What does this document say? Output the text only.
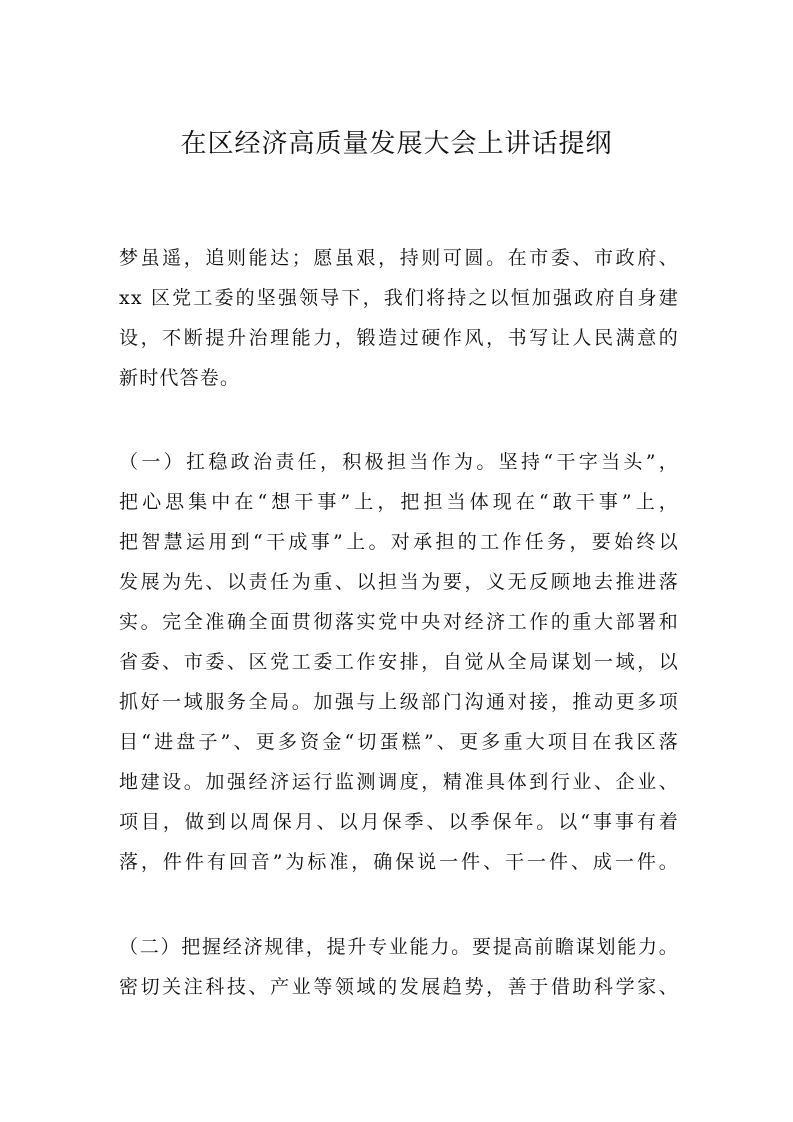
在区经济高质量发展大会上讲话提纲

梦虽遥，追则能达；愿虽艰，持则可圆。在市委、市政府、

xx 区党工委的坚强领导下，我们将持之以恒加强政府自身建

设，不断提升治理能力，锻造过硬作风，书写让人民满意的

新时代答卷。

（一）扛稳政治责任，积极担当作为。坚持“干字当头”，

把心思集中在“想干事”上，把担当体现在“敢干事”上，

把智慧运用到“干成事”上。对承担的工作任务，要始终以

发展为先、以责任为重、以担当为要，义无反顾地去推进落

实。完全准确全面贯彻落实党中央对经济工作的重大部署和

省委、市委、区党工委工作安排，自觉从全局谋划一域，以

抓好一域服务全局。加强与上级部门沟通对接，推动更多项

目“进盘子”、更多资金“切蛋糕”、更多重大项目在我区落

地建设。加强经济运行监测调度，精准具体到行业、企业、

项目，做到以周保月、以月保季、以季保年。以“事事有着

落，件件有回音”为标准，确保说一件、干一件、成一件。

（二）把握经济规律，提升专业能力。要提高前瞻谋划能力。

密切关注科技、产业等领域的发展趋势，善于借助科学家、
